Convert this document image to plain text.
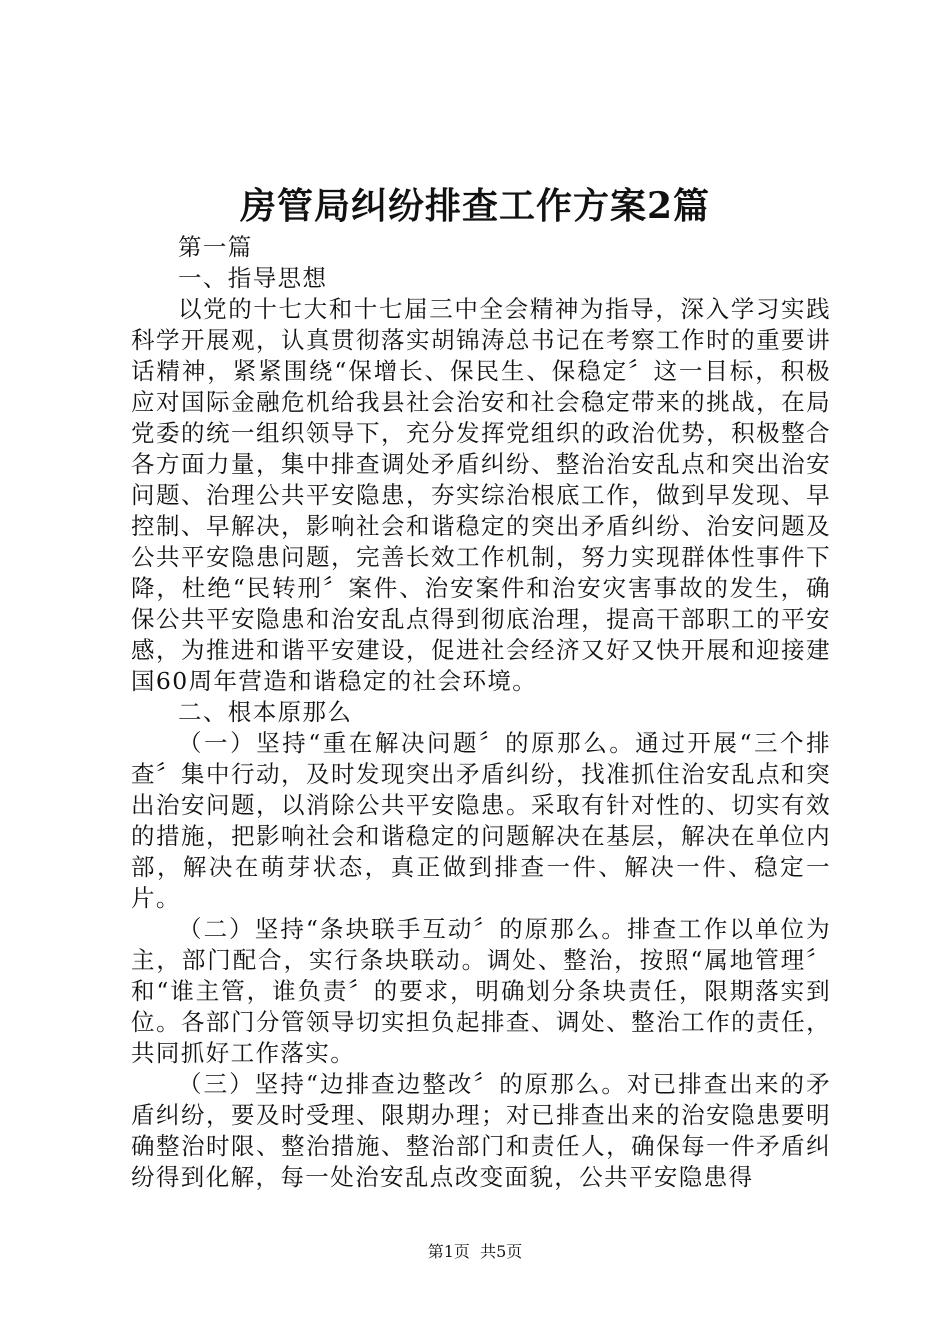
房管局纠纷排查工作方案2篇

第一篇

一、指导思想

以党的十七大和十七届三中全会精神为指导，深入学习实践科学开展观，认真贯彻落实胡锦涛总书记在考察工作时的重要讲话精神，紧紧围绕“保增长、保民生、保稳定〞这一目标，积极应对国际金融危机给我县社会治安和社会稳定带来的挑战，在局党委的统一组织领导下，充分发挥党组织的政治优势，积极整合各方面力量，集中排查调处矛盾纠纷、整治治安乱点和突出治安问题、治理公共平安隐患，夯实综治根底工作，做到早发现、早控制、早解决，影响社会和谐稳定的突出矛盾纠纷、治安问题及公共平安隐患问题，完善长效工作机制，努力实现群体性事件下降，杜绝“民转刑〞案件、治安案件和治安灾害事故的发生，确保公共平安隐患和治安乱点得到彻底治理，提高干部职工的平安感，为推进和谐平安建设，促进社会经济又好又快开展和迎接建国60周年营造和谐稳定的社会环境。

二、根本原那么

（一）坚持“重在解决问题〞的原那么。通过开展“三个排查〞集中行动，及时发现突出矛盾纠纷，找准抓住治安乱点和突出治安问题，以消除公共平安隐患。采取有针对性的、切实有效的措施，把影响社会和谐稳定的问题解决在基层，解决在单位内部，解决在萌芽状态，真正做到排查一件、解决一件、稳定一片。

（二）坚持“条块联手互动〞的原那么。排查工作以单位为主，部门配合，实行条块联动。调处、整治，按照“属地管理〞和“谁主管，谁负责〞的要求，明确划分条块责任，限期落实到位。各部门分管领导切实担负起排查、调处、整治工作的责任，共同抓好工作落实。

（三）坚持“边排查边整改〞的原那么。对已排查出来的矛盾纠纷，要及时受理、限期办理；对已排查出来的治安隐患要明确整治时限、整治措施、整治部门和责任人，确保每一件矛盾纠纷得到化解，每一处治安乱点改变面貌，公共平安隐患得

第1页 共5页
